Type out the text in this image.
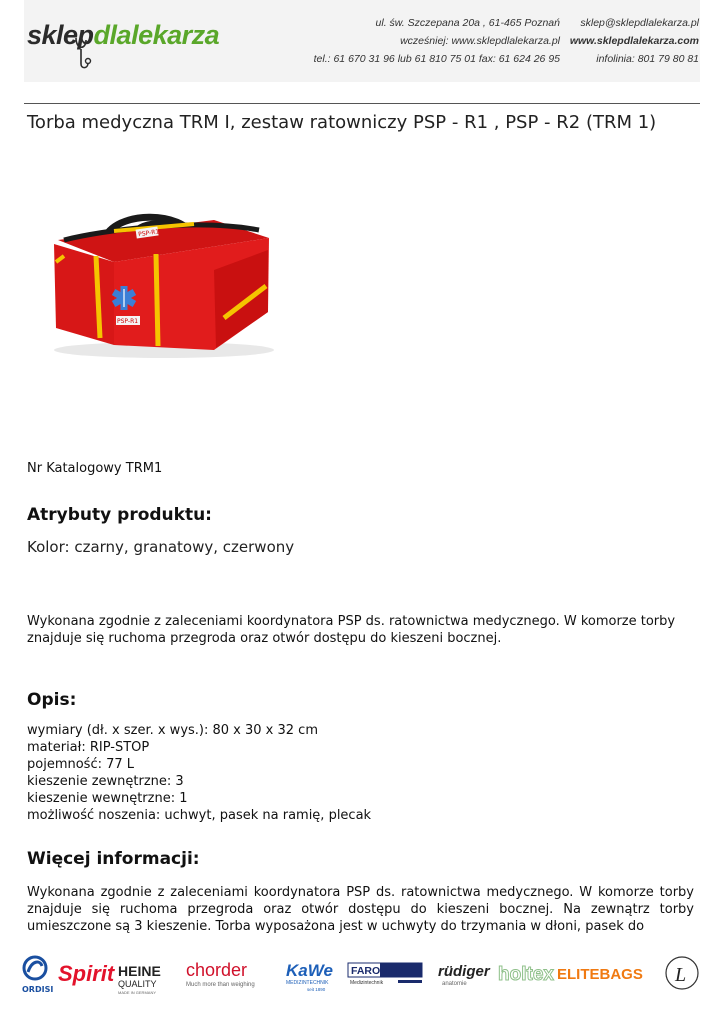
sklepdlalekarza	ul. św. Szczepana 20a , 61-465 Poznań
wcześniej: www.sklepdlalekarza.pl
tel.: 61 670 31 96 lub 61 810 75 01 fax: 61 624 26 95
sklep@sklepdlalekarza.pl
www.sklepdlalekarza.com
infolinia: 801 79 80 81
Torba medyczna TRM I, zestaw ratowniczy PSP - R1 , PSP - R2 (TRM 1)
PSP-R1
PSP-R1
Nr Katalogowy TRM1
Atrybuty produktu:
Kolor: czarny, granatowy, czerwony
Wykonana zgodnie z zaleceniami koordynatora PSP ds. ratownictwa medycznego. W komorze torby znajduje się ruchoma przegroda oraz otwór dostępu do kieszeni bocznej.
Opis:
wymiary (dł. x szer. x wys.): 80 x 30 x 32 cm
materiał: RIP-STOP
pojemność: 77 L
kieszenie zewnętrzne: 3
kieszenie wewnętrzne: 1
możliwość noszenia: uchwyt, pasek na ramię, plecak
Więcej informacji:
Wykonana zgodnie z zaleceniami koordynatora PSP ds. ratownictwa medycznego. W komorze torby znajduje się ruchoma przegroda oraz otwór dostępu do kieszeni bocznej. Na zewnątrz torby umieszczone są 3 kieszenie. Torba wyposażona jest w uchwyty do trzymania w dłoni, pasek do
ORDISI
Spirit HEINE
QUALITY
MADE IN GERMANY
chorder
Much more than weighing
KaWe
MEDIZINTECHNIK
seit 1890
FAROMED
Medizintechnik
rüdiger
anatomie holtex ELITEBAGS L
